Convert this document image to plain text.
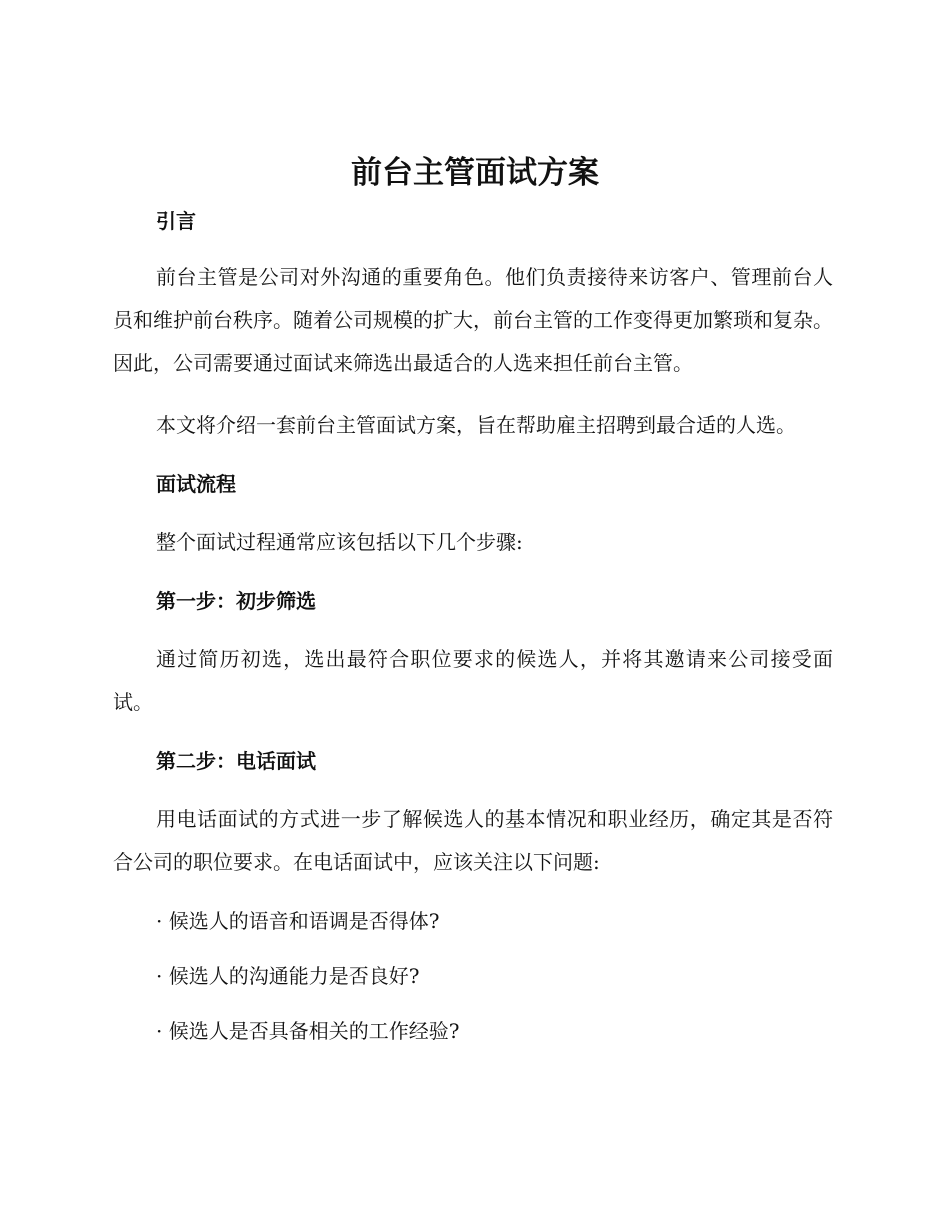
前台主管面试方案

引言

前台主管是公司对外沟通的重要角色。他们负责接待来访客户、管理前台人员和维护前台秩序。随着公司规模的扩大，前台主管的工作变得更加繁琐和复杂。因此，公司需要通过面试来筛选出最适合的人选来担任前台主管。

本文将介绍一套前台主管面试方案，旨在帮助雇主招聘到最合适的人选。

面试流程

整个面试过程通常应该包括以下几个步骤:

第一步：初步筛选

通过简历初选，选出最符合职位要求的候选人，并将其邀请来公司接受面试。

第二步：电话面试

用电话面试的方式进一步了解候选人的基本情况和职业经历，确定其是否符合公司的职位要求。在电话面试中，应该关注以下问题:

· 候选人的语音和语调是否得体?

· 候选人的沟通能力是否良好?

· 候选人是否具备相关的工作经验?
